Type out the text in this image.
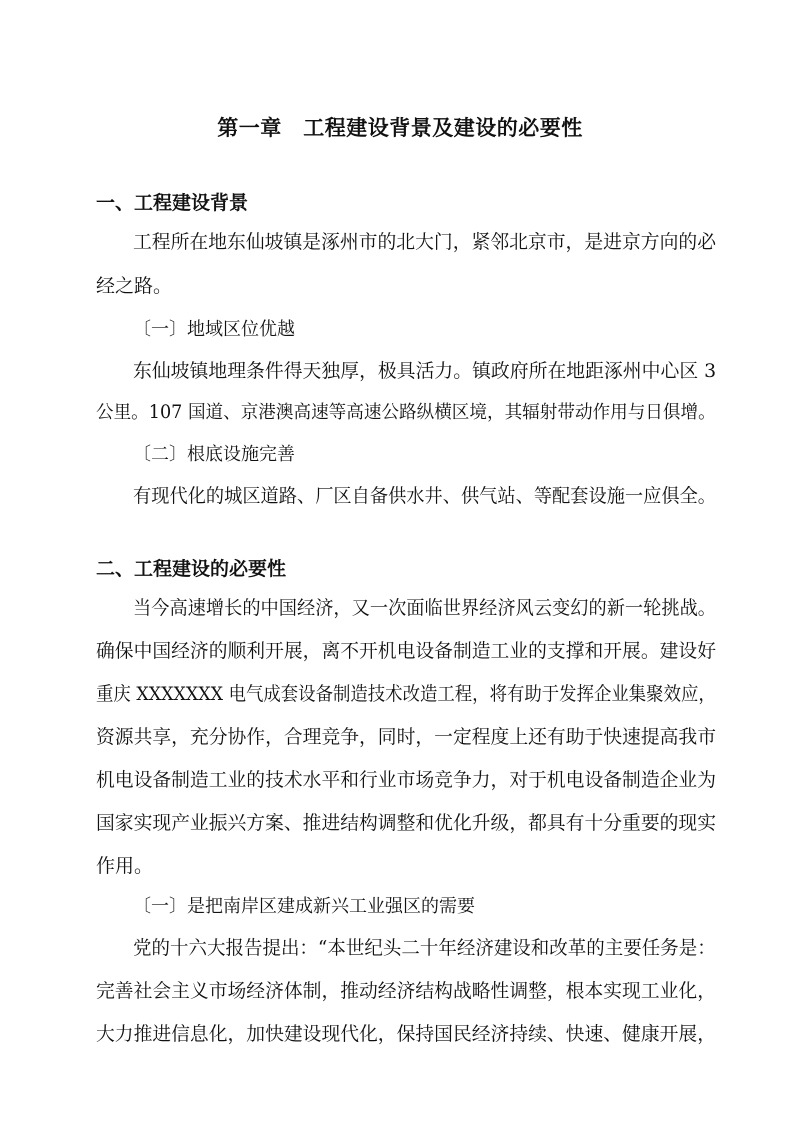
第一章　工程建设背景及建设的必要性
一、工程建设背景
工程所在地东仙坡镇是涿州市的北大门，紧邻北京市，是进京方向的必
经之路。
〔一〕地域区位优越
东仙坡镇地理条件得天独厚，极具活力。镇政府所在地距涿州中心区 3
公里。107 国道、京港澳高速等高速公路纵横区境，其辐射带动作用与日俱增。
〔二〕根底设施完善
有现代化的城区道路、厂区自备供水井、供气站、等配套设施一应俱全。
二、工程建设的必要性
当今高速增长的中国经济，又一次面临世界经济风云变幻的新一轮挑战。
确保中国经济的顺利开展，离不开机电设备制造工业的支撑和开展。建设好
重庆 XXXXXXX 电气成套设备制造技术改造工程，将有助于发挥企业集聚效应，
资源共享，充分协作，合理竞争，同时，一定程度上还有助于快速提高我市
机电设备制造工业的技术水平和行业市场竞争力，对于机电设备制造企业为
国家实现产业振兴方案、推进结构调整和优化升级，都具有十分重要的现实
作用。
〔一〕是把南岸区建成新兴工业强区的需要
党的十六大报告提出：“本世纪头二十年经济建设和改革的主要任务是：
完善社会主义市场经济体制，推动经济结构战略性调整，根本实现工业化，
大力推进信息化，加快建设现代化，保持国民经济持续、快速、健康开展，
